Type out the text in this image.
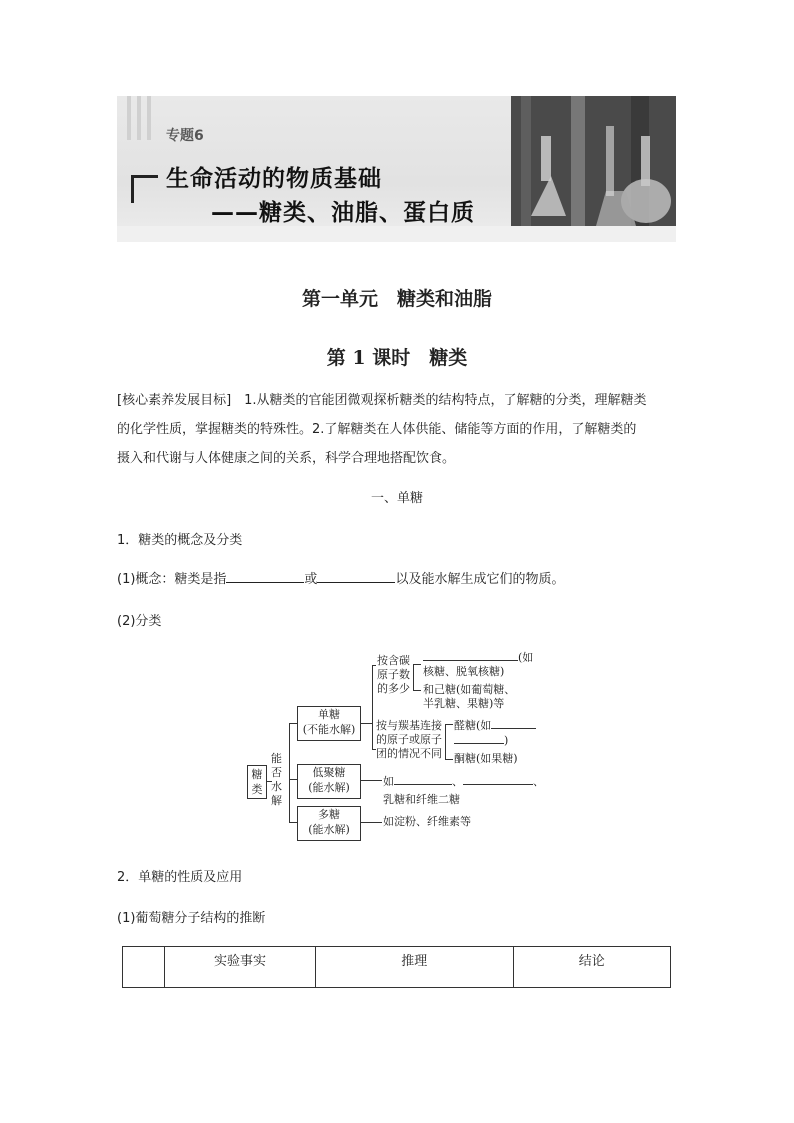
专题6
生命活动的物质基础
——糖类、油脂、蛋白质
第一单元　糖类和油脂
第 1 课时　糖类
[核心素养发展目标]　1.从糖类的官能团微观探析糖类的结构特点，了解糖的分类，理解糖类
的化学性质，掌握糖类的特殊性。2.了解糖类在人体供能、储能等方面的作用，了解糖类的
摄入和代谢与人体健康之间的关系，科学合理地搭配饮食。
一、单糖
1．糖类的概念及分类
(1)概念：糖类是指	或	以及能水解生成它们的物质。
(2)分类
糖类
能
否
水
解
单糖
(不能水解)
低聚糖
(能水解)
多糖
(能水解)
按含碳
原子数
的多少
(如
核糖、脱氧核糖)
和己糖(如葡萄糖、
半乳糖、果糖)等
按与羰基连接
的原子或原子
团的情况不同
醛糖(如
)
酮糖(如果糖)
如	、	、
乳糖和纤维二糖
如淀粉、纤维素等
2．单糖的性质及应用
(1)葡萄糖分子结构的推断
	实验事实	推理	结论
